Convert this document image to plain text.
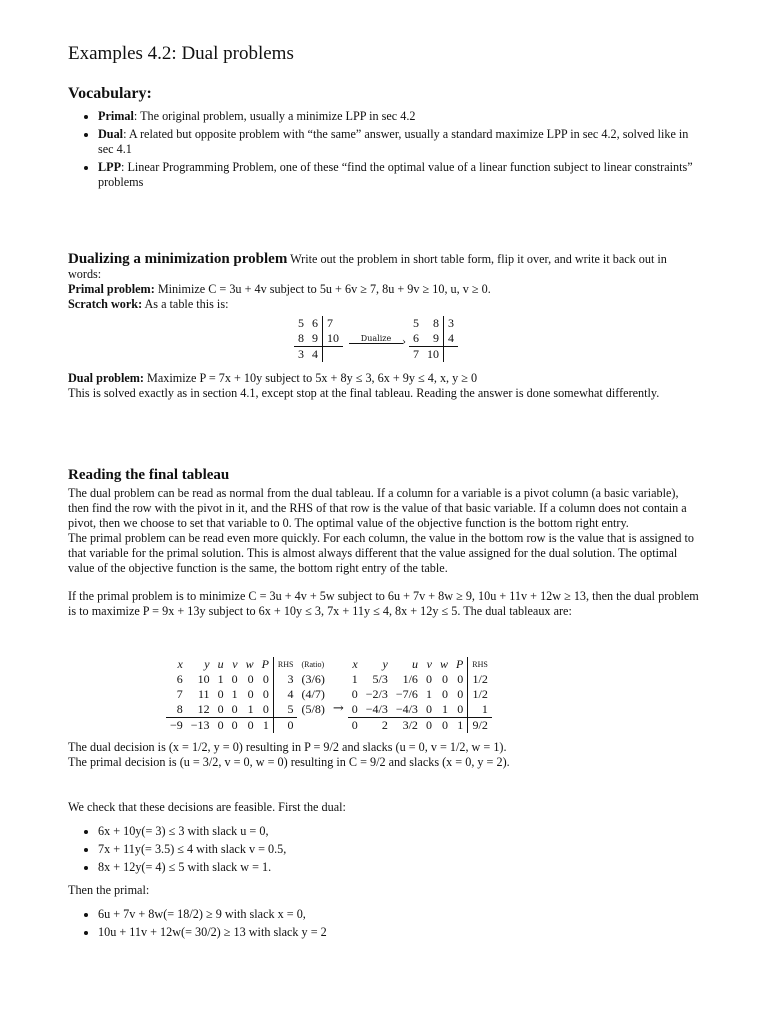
Examples 4.2: Dual problems
Vocabulary:
• Primal: The original problem, usually a minimize LPP in sec 4.2
• Dual: A related but opposite problem with “the same” answer, usually a standard maximize LPP in sec 4.2, solved like in sec 4.1
• LPP: Linear Programming Problem, one of these “find the optimal value of a linear function subject to linear constraints” problems
Dualizing a minimization problem Write out the problem in short table form, flip it over, and write it back out in words:
Primal problem: Minimize C = 3u + 4v subject to 5u + 6v ≥ 7, 8u + 9v ≥ 10, u, v ≥ 0.
Scratch work: As a table this is:
5	6	7
8	9	10
3	4	
Dualize	›
5	8	3
6	9	4
7	10	
Dual problem: Maximize P = 7x + 10y subject to 5x + 8y ≤ 3, 6x + 9y ≤ 4, x, y ≥ 0
This is solved exactly as in section 4.1, except stop at the final tableau. Reading the answer is done somewhat differently.
Reading the final tableau
The dual problem can be read as normal from the dual tableau. If a column for a variable is a pivot column (a basic variable), then find the row with the pivot in it, and the RHS of that row is the value of that basic variable. If a column does not contain a pivot, then we choose to set that variable to 0. The optimal value of the objective function is the bottom right entry.
The primal problem can be read even more quickly. For each column, the value in the bottom row is the value that is assigned to that variable for the primal solution. This is almost always different that the value assigned for the dual solution. The optimal value of the objective function is the same, the bottom right entry of the table.
If the primal problem is to minimize C = 3u + 4v + 5w subject to 6u + 7v + 8w ≥ 9, 10u + 11v + 12w ≥ 13, then the dual problem is to maximize P = 9x + 13y subject to 6x + 10y ≤ 3, 7x + 11y ≤ 4, 8x + 12y ≤ 5. The dual tableaux are:
x	y	u	v	w	P	RHS	(Ratio)
6	10	1	0	0	0	3	(3/6)
7	11	0	1	0	0	4	(4/7)
8	12	0	0	1	0	5	(5/8)
−9	−13	0	0	0	1	0	
→
x	y	u	v	w	P	RHS
1	5/3	1/6	0	0	0	1/2
0	−2/3	−7/6	1	0	0	1/2
0	−4/3	−4/3	0	1	0	1
0	2	3/2	0	0	1	9/2
The dual decision is (x = 1/2, y = 0) resulting in P = 9/2 and slacks (u = 0, v = 1/2, w = 1).
The primal decision is (u = 3/2, v = 0, w = 0) resulting in C = 9/2 and slacks (x = 0, y = 2).
We check that these decisions are feasible. First the dual:
• 6x + 10y(= 3) ≤ 3 with slack u = 0,
• 7x + 11y(= 3.5) ≤ 4 with slack v = 0.5,
• 8x + 12y(= 4) ≤ 5 with slack w = 1.
Then the primal:
• 6u + 7v + 8w(= 18/2) ≥ 9 with slack x = 0,
• 10u + 11v + 12w(= 30/2) ≥ 13 with slack y = 2
